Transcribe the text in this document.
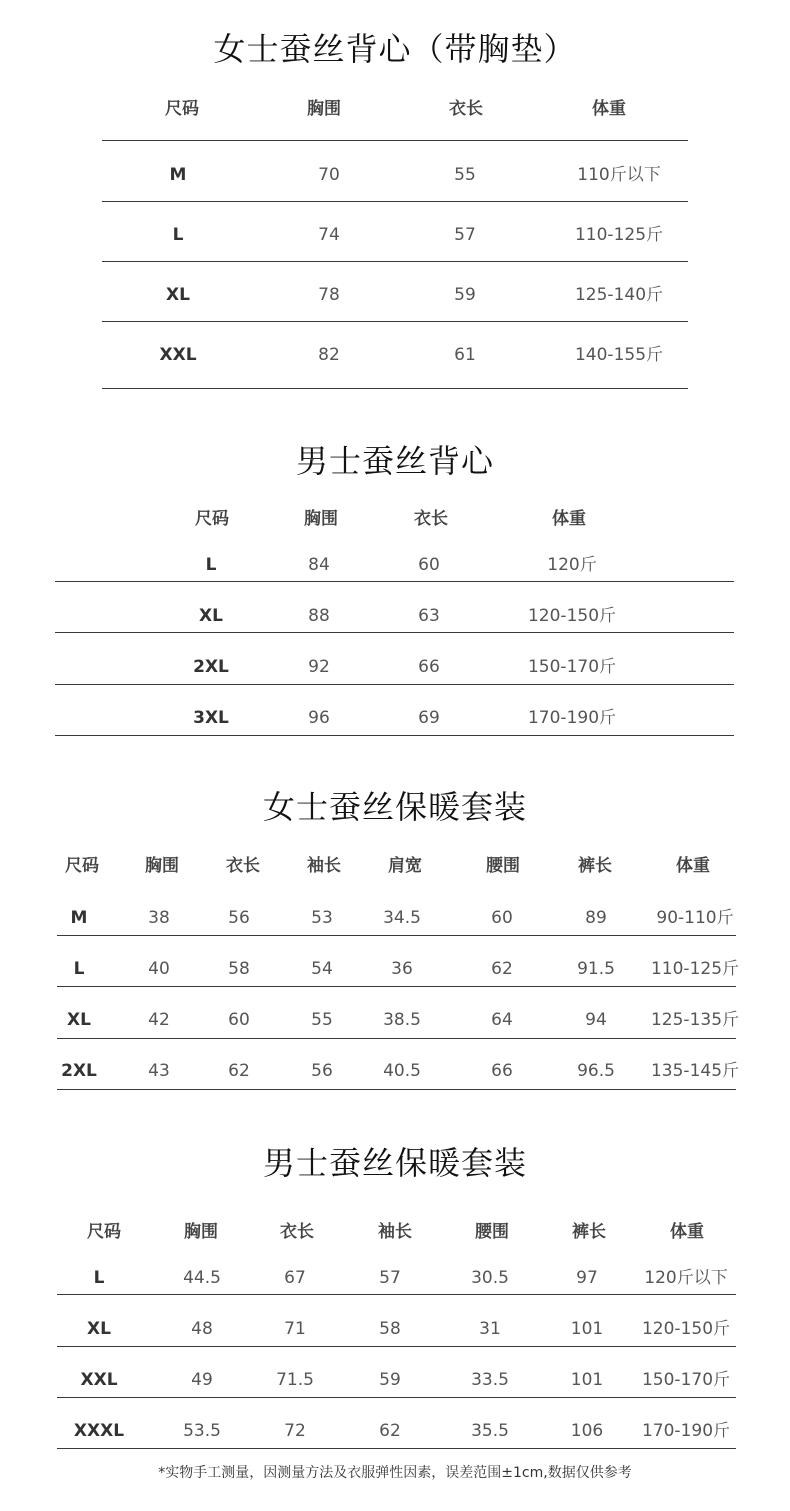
女士蚕丝背心（带胸垫）
尺码	胸围	衣长	体重
M	70	55	110斤以下
L	74	57	110-125斤
XL	78	59	125-140斤
XXL	82	61	140-155斤
男士蚕丝背心
尺码	胸围	衣长	体重
L	84	60	120斤
XL	88	63	120-150斤
2XL	92	66	150-170斤
3XL	96	69	170-190斤
女士蚕丝保暖套装
尺码	胸围	衣长	袖长	肩宽	腰围	裤长	体重
M	38	56	53	34.5	60	89	90-110斤
L	40	58	54	36	62	91.5 110-125斤
XL	42	60	55	38.5	64	94	125-135斤
2XL	43	62	56	40.5	66	96.5 135-145斤
男士蚕丝保暖套装
尺码	胸围	衣长	袖长	腰围	裤长	体重
L	44.5	67	57	30.5	97	120斤以下
XL	48	71	58	31	101 120-150斤
XXL	49	71.5	59	33.5	101 150-170斤
XXXL	53.5	72	62	35.5	106 170-190斤
*实物手工测量，因测量方法及衣服弹性因素，误差范围±1cm,数据仅供参考
